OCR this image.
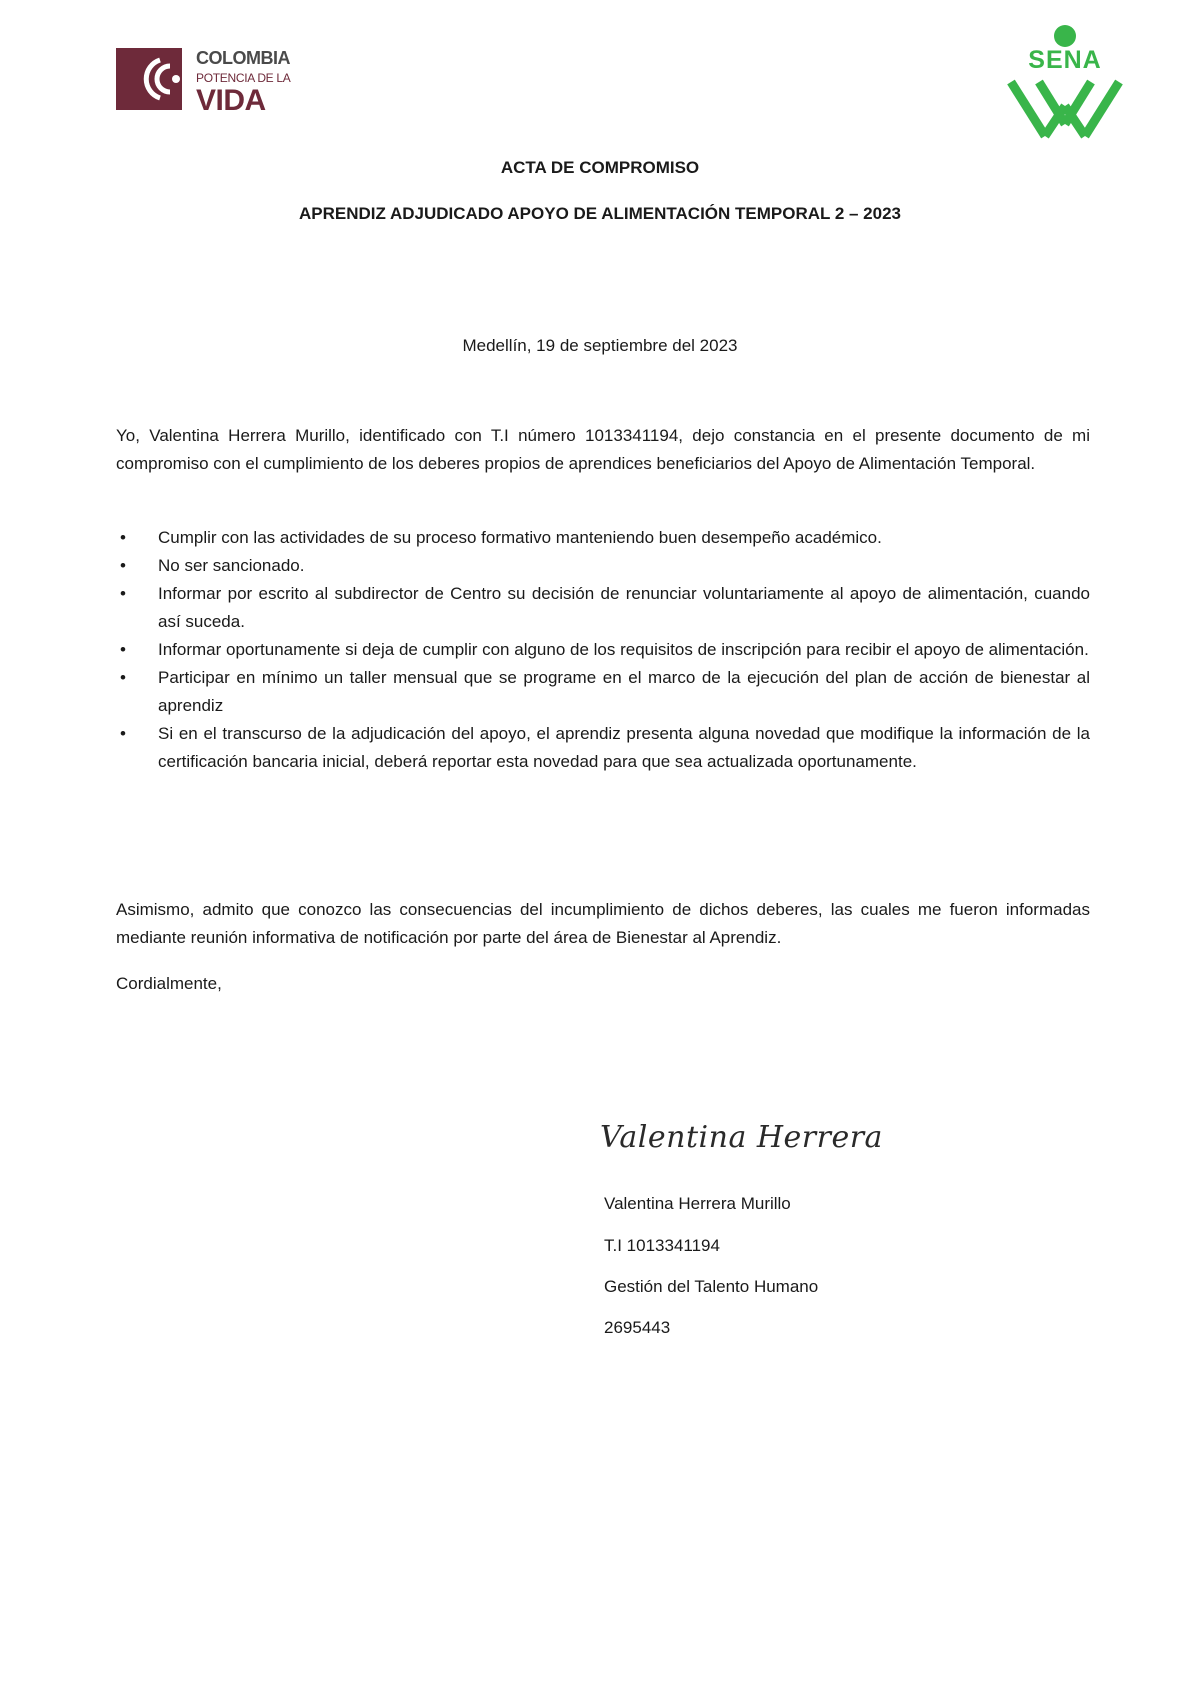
COLOMBIA
POTENCIA DE LA
VIDA
SENA
ACTA DE COMPROMISO
APRENDIZ ADJUDICADO APOYO DE ALIMENTACIÓN TEMPORAL 2 – 2023
Medellín, 19 de septiembre del 2023

Yo, Valentina Herrera Murillo, identificado con T.I número 1013341194, dejo constancia en el presente documento de mi compromiso con el cumplimiento de los deberes propios de aprendices beneficiarios del Apoyo de Alimentación Temporal.

• Cumplir con las actividades de su proceso formativo manteniendo buen desempeño académico.
• No ser sancionado.
• Informar por escrito al subdirector de Centro su decisión de renunciar voluntariamente al apoyo de alimentación, cuando así suceda.
• Informar oportunamente si deja de cumplir con alguno de los requisitos de inscripción para recibir el apoyo de alimentación.
• Participar en mínimo un taller mensual que se programe en el marco de la ejecución del plan de acción de bienestar al aprendiz
• Si en el transcurso de la adjudicación del apoyo, el aprendiz presenta alguna novedad que modifique la información de la certificación bancaria inicial, deberá reportar esta novedad para que sea actualizada oportunamente.

Asimismo, admito que conozco las consecuencias del incumplimiento de dichos deberes, las cuales me fueron informadas mediante reunión informativa de notificación por parte del área de Bienestar al Aprendiz.

Cordialmente,

Valentina Herrera
Valentina Herrera Murillo
T.I 1013341194
Gestión del Talento Humano
2695443
